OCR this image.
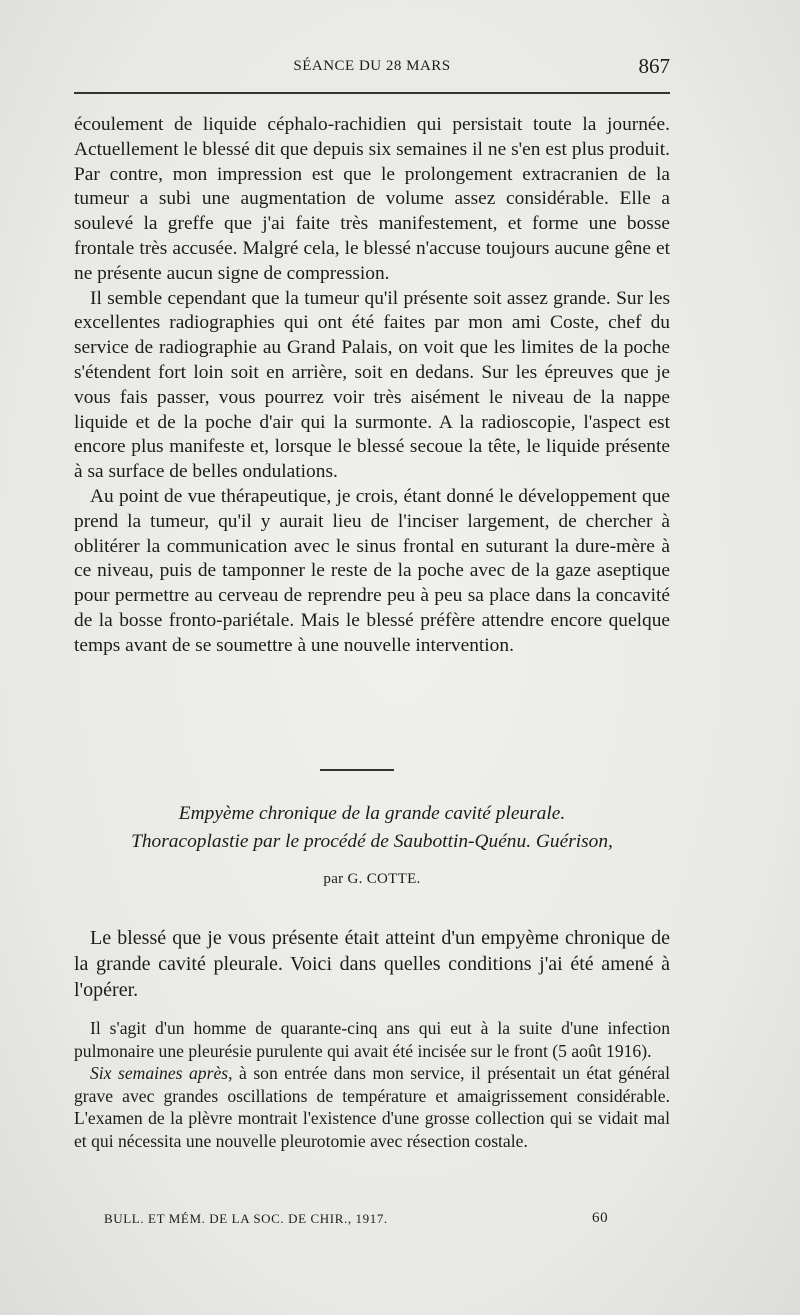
SÉANCE DU 28 MARS	867

écoulement de liquide céphalo-rachidien qui persistait toute la journée. Actuellement le blessé dit que depuis six semaines il ne s'en est plus produit. Par contre, mon impression est que le prolongement extracranien de la tumeur a subi une augmentation de volume assez considérable. Elle a soulevé la greffe que j'ai faite très manifestement, et forme une bosse frontale très accusée. Malgré cela, le blessé n'accuse toujours aucune gêne et ne présente aucun signe de compression.

Il semble cependant que la tumeur qu'il présente soit assez grande. Sur les excellentes radiographies qui ont été faites par mon ami Coste, chef du service de radiographie au Grand Palais, on voit que les limites de la poche s'étendent fort loin soit en arrière, soit en dedans. Sur les épreuves que je vous fais passer, vous pourrez voir très aisément le niveau de la nappe liquide et de la poche d'air qui la surmonte. A la radioscopie, l'aspect est encore plus manifeste et, lorsque le blessé secoue la tête, le liquide présente à sa surface de belles ondulations.

Au point de vue thérapeutique, je crois, étant donné le développement que prend la tumeur, qu'il y aurait lieu de l'inciser largement, de chercher à oblitérer la communication avec le sinus frontal en suturant la dure-mère à ce niveau, puis de tamponner le reste de la poche avec de la gaze aseptique pour permettre au cerveau de reprendre peu à peu sa place dans la concavité de la bosse fronto-pariétale. Mais le blessé préfère attendre encore quelque temps avant de se soumettre à une nouvelle intervention.

Empyème chronique de la grande cavité pleurale.
Thoracoplastie par le procédé de Saubottin-Quénu. Guérison,
par G. COTTE.

Le blessé que je vous présente était atteint d'un empyème chronique de la grande cavité pleurale. Voici dans quelles conditions j'ai été amené à l'opérer.

Il s'agit d'un homme de quarante-cinq ans qui eut à la suite d'une infection pulmonaire une pleurésie purulente qui avait été incisée sur le front (5 août 1916).

Six semaines après, à son entrée dans mon service, il présentait un état général grave avec grandes oscillations de température et amaigrissement considérable. L'examen de la plèvre montrait l'existence d'une grosse collection qui se vidait mal et qui nécessita une nouvelle pleurotomie avec résection costale.

BULL. ET MÉM. DE LA SOC. DE CHIR., 1917.	60
